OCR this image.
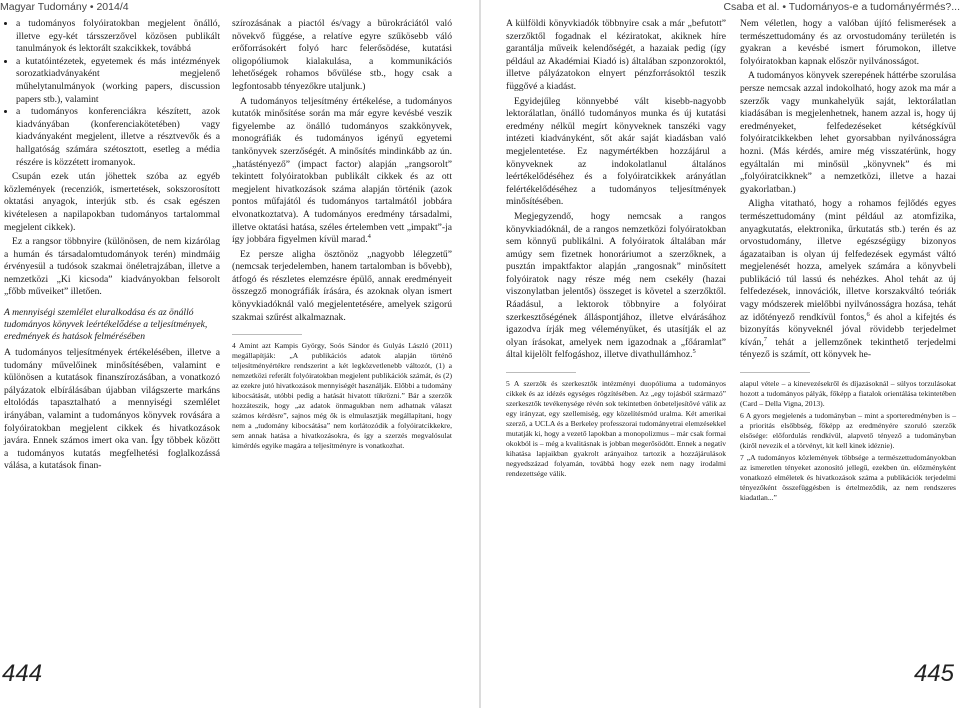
Magyar Tudomány • 2014/4	Csaba et al. • Tudományos-e a tudományérmés?...
• a tudományos folyóiratokban megjelent önálló, illetve egy-két társszerzővel közösen publikált tanulmányok és lektorált szakcikkek, továbbá
• a kutatóintézetek, egyetemek és más intézmények sorozatkiadványaként megjelenő műhelytanulmányok (working papers, discussion papers stb.), valamint
• a tudományos konferenciákra készített, azok kiadványában (konferenciakötetében) vagy kiadványaként megjelent, illetve a résztvevők és a hallgatóság számára szétosztott, esetleg a média részére is közzétett iromanyok.

Csupán ezek után jöhettek szóba az egyéb közlemények (recenziók, ismertetések, sokszorosított oktatási anyagok, interjúk stb. és csak egészen kivételesen a napilapokban tudományos tartalommal megjelent cikkek).

Ez a rangsor többnyire (különösen, de nem kizárólag a humán és társadalomtudományok terén) mindmáig érvényesül a tudósok szakmai önéletrajzában, illetve a nemzetközi „Ki kicsoda” kiadványokban felsorolt „főbb műveiket” illetően.

A mennyiségi szemlélet eluralkodása és az önálló tudományos könyvek leértékelődése a teljesítmények, eredmények és hatások felmérésében

A tudományos teljesítmények értékelésében, illetve a tudomány művelőinek minősítésében, valamint e különösen a kutatások finanszírozásában, a vonatkozó pályázatok elbírálásában újabban világszerte markáns eltolódás tapasztalható a mennyiségi szemlélet irányában, valamint a tudományos könyvek rovására a folyóiratokban megjelent cikkek és hivatkozások javára. Ennek számos imert oka van. Így többek között a tudományos kutatás megfelhetési foglalkozássá válása, a kutatások finan-

szírozásának a piactól és/vagy a bürokráciától való növekvő függése, a relatíve egyre szűkösebb váló erőforrásokért folyó harc felerősödése, kutatási oligopóliumok kialakulása, a kommunikációs lehetőségek rohamos bővülése stb., hogy csak a legfontosabb tényezőkre utaljunk.)

A tudományos teljesítmény értékelése, a tudományos kutatók minősítése során ma már egyre kevésbé veszik figyelembe az önálló tudományos szakkönyvek, monográfiák és tudományos igényű egyetemi tankönyvek szerzőségét. A minősítés mindinkább az ún. „hatástényező” (impact factor) alapján „rangsorolt” tekintett folyóiratokban publikált cikkek és az ott megjelent hivatkozások száma alapján történik (azok pontos műfajától és tudományos tartalmától jobbára elvonatkoztatva). A tudományos eredmény társadalmi, illetve oktatási hatása, széles értelemben vett „impakt”-ja így jobbára figyelmen kívül marad.$^4$

Ez persze aligha ösztönöz „nagyobb lélegzetű” (nemcsak terjedelemben, hanem tartalomban is bővebb), átfogó és részletes elemzésre épülő, annak eredményeit összegző monográfiák írására, és azoknak olyan ismert könyvkiadóknál való megjelentetésére, amelyek szigorú szakmai szűrést alkalmaznak.

4 Amint azt Kampis György, Soós Sándor és Gulyás László (2011) megállapítják: „A publikációs adatok alapján történő teljesítményértékre rendszerint a két legközvetlenebb változót, (1) a nemzetközi referált folyóiratokban megjelent publikációk számát, és (2) az ezekre jutó hivatkozások mennyiségét használják. Előbbi a tudomány kiboсsátását, utóbbi pedig a hatását hivatott tükrözni.” Bár a szerzők hozzáteszik, hogy „az adatok önmagukban nem adhatnak választ számos kérdésre”, sajnos még ők is elmulasztják megállapítani, hogy nem a „tudomány kibocsátása” nem korlátozódik a folyóiratcikkekre, sem annak hatása a hivatkozásokra, és így a szerzés megvalósulat kimérdés egyike magára a teljesítményre is vonatkozhat.

A külföldi könyvkiadók többnyire csak a már „befutott” szerzőktől fogadnak el kéziratokat, akiknek híre garantálja műveik kelendőségét, a hazaiak pedig (így például az Akadémiai Kiadó is) általában szponzoroktól, illetve pályázatokon elnyert pénzforrásoktól teszik függővé a kiadást.

Egyidejűleg könnyebbé vált kisebb-nagyobb lektorálatlan, önálló tudományos munka és új kutatási eredmény nélkül megírt könyveknek tanszéki vagy intézeti kiadványként, sőt akár saját kiadásban való megjelentetése. Ez nagymértékben hozzájárul a könyveknek az indokolatlanul általános leértékelődéséhez és a folyóiratcikkek arányátlan felértékelődéséhez a tudományos teljesítmények minősítésében.

Megjegyzendő, hogy nemcsak a rangos könyvkiadóknál, de a rangos nemzetközi folyóiratokban sem könnyű publikálni. A folyóiratok általában már amúgy sem fizetnek honoráriumot a szerzőknek, a pusztán impaktfaktor alapján „rangosnak” minősített folyóiratok nagy része még nem csekély (hazai viszonylatban jelentős) összeget is követel a szerzőktől. Ráadásul, a lektorok többnyire a folyóirat szerkesztőségének álláspontjához, illetve elvárásához igazodva írják meg véleményüket, és utasítják el az olyan írásokat, amelyek nem igazodnak a „főáramlat” által kijelölt felfogáshoz, illetve divathullámhoz.$^5$

5 A szerzők és szerkesztők intézményi duopóliuma a tudományos cikkek és az idézés egységes rögzítésében. Az „egy tojásból származó” szerkesztők tevékenysége révén sok tekintetben önbeteljesítővé válik az egy irányzat, egy szellemiség, egy közelítésmód uralma. Két amerikai szerző, a UCLA és a Berkeley professzorai tudományetrai elemzésekkel mutatják ki, hogy a vezető lapokban a monopolizmus – már csak formai okokból is – még a kvalitásnak is jobban megerősödött. Ennek a negatív kihatása lapjaikban gyakrolt arányaihoz tartozik a hozzájárulások negyedszázad folyamán, továbbá hogy ezek nem nagy irodalmi rendezettsége válik.

Nem véletlen, hogy a valóban újító felismerések a természettudomány és az orvostudomány területén is gyakran a kevésbé ismert fórumokon, illetve folyóiratokban kapnak először nyilvánosságot.

A tudományos könyvek szerepének háttérbe szorulása persze nemcsak azzal indokolható, hogy azok ma már a szerzők vagy munkahelyük saját, lektorálatlan kiadásában is megjelenhetnek, hanem azzal is, hogy új eredményeket, felfedezéseket kétségkívül folyóiratcikkekben lehet gyorsabban nyilvánosságra hozni. (Más kérdés, amire még visszatérünk, hogy egyáltalán mi minősül „könyvnek” és mi „folyóiratcikknek” a nemzetközi, illetve a hazai gyakorlatban.)

Aligha vitatható, hogy a rohamos fejlődés egyes természettudomány (mint például az atomfizika, anyagkutatás, elektronika, űrkutatás stb.) terén és az orvostudomány, illetve egészségügy bizonyos ágazataiban is olyan új felfedezések egymást váltó megjelenését hozza, amelyek számára a könyvbeli publikáció túl lassú és nehézkes. Ahol tehát az új felfedezések, innovációk, illetve korszakváltó teóriák vagy módszerek mielőbbi nyilvánosságra hozása, tehát az időtényező rendkívül fontos,$^6$ és ahol a kifejtés és bizonyítás könyveknél jóval rövidebb terjedelmet kíván,$^7$ tehát a jellemzőnek tekinthető terjedelmi tényező is számít, ott könyvek he-

alapul vétele – a kinevezésekről és díjazásoknál – súlyos torzulásokat hozott a tudományos pályák, főképp a fiatalok orientálása tekintetében (Card – Della Vigna, 2013).

6 A gyors megjelenés a tudományban – mint a sporteredményben is – a prioritás elsőbbség, főképp az eredményére szoruló szerzők elsősége: előfordulás rendkívül, alapvető tényező a tudományban (kiről nevezik el a törvényt, kit kell kinek idézniе).

7 „A tudományos közlemények többsége a természettudományokban az ismeretlen tényeket azonosító jellegű, ezekben ún. előzményként vonatkozó elméletek és hivatkozások száma a publikációk terjedelmi tényezőként összefüggésben is értelmeződik, az nem rendszeres kiadatlan...”

444	445
